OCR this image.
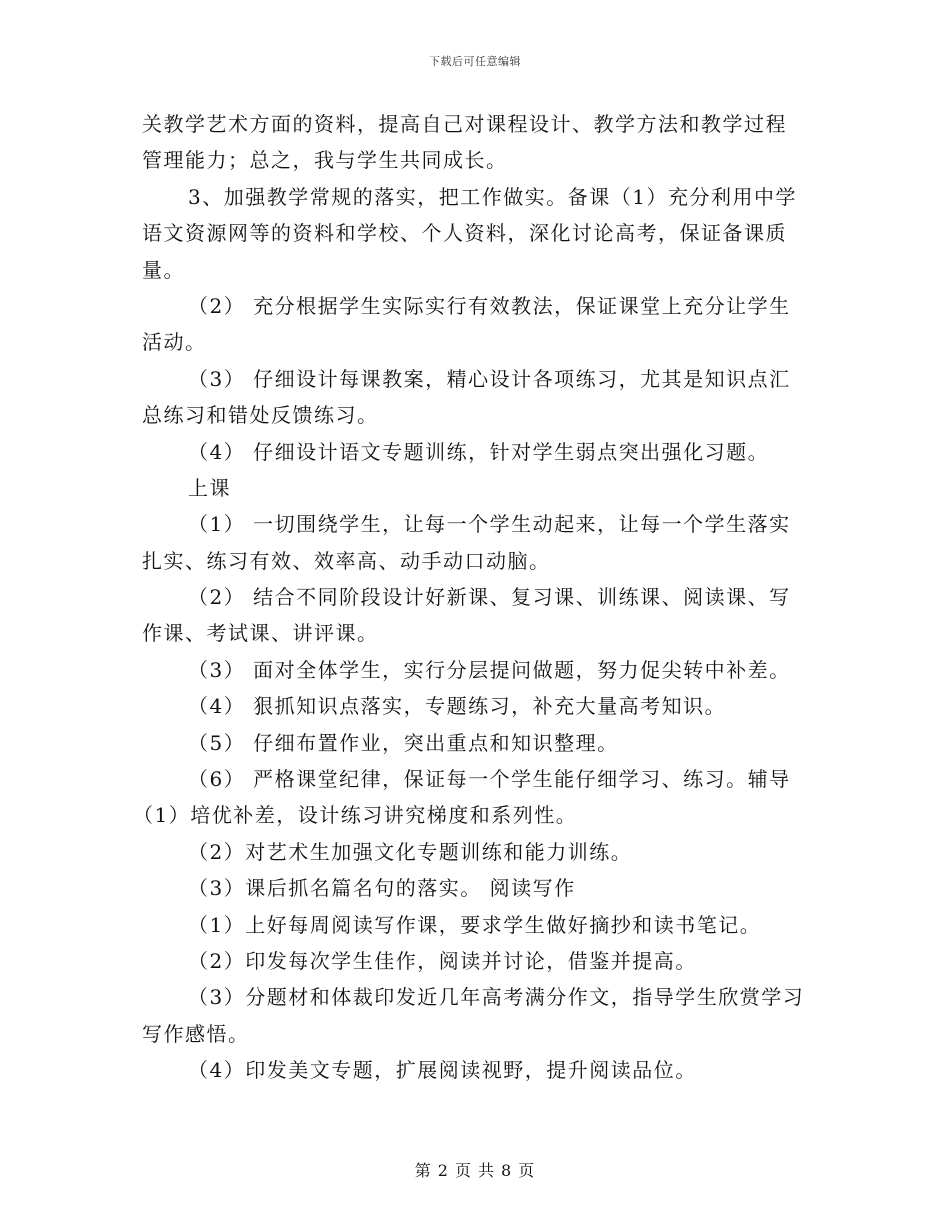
下载后可任意编辑
关教学艺术方面的资料，提高自己对课程设计、教学方法和教学过程
管理能力；总之，我与学生共同成长。
3、加强教学常规的落实，把工作做实。备课（1）充分利用中学
语文资源网等的资料和学校、个人资料，深化讨论高考，保证备课质
量。
（2） 充分根据学生实际实行有效教法，保证课堂上充分让学生
活动。
（3） 仔细设计每课教案，精心设计各项练习，尤其是知识点汇
总练习和错处反馈练习。
（4） 仔细设计语文专题训练，针对学生弱点突出强化习题。
上课
（1） 一切围绕学生，让每一个学生动起来，让每一个学生落实
扎实、练习有效、效率高、动手动口动脑。
（2） 结合不同阶段设计好新课、复习课、训练课、阅读课、写
作课、考试课、讲评课。
（3） 面对全体学生，实行分层提问做题，努力促尖转中补差。
（4） 狠抓知识点落实，专题练习，补充大量高考知识。
（5） 仔细布置作业，突出重点和知识整理。
（6） 严格课堂纪律，保证每一个学生能仔细学习、练习。辅导
（1）培优补差，设计练习讲究梯度和系列性。
（2）对艺术生加强文化专题训练和能力训练。
（3）课后抓名篇名句的落实。 阅读写作
（1）上好每周阅读写作课，要求学生做好摘抄和读书笔记。
（2）印发每次学生佳作，阅读并讨论，借鉴并提高。
（3）分题材和体裁印发近几年高考满分作文，指导学生欣赏学习
写作感悟。
（4）印发美文专题，扩展阅读视野，提升阅读品位。
第 2 页 共 8 页
